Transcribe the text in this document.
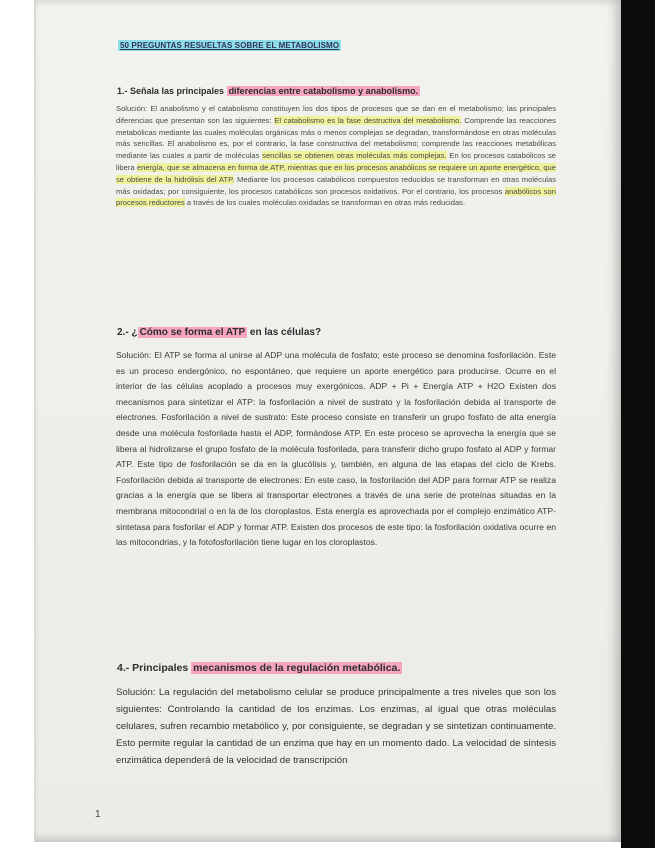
50 PREGUNTAS RESUELTAS SOBRE EL METABOLISMO
1.- Señala las principales diferencias entre catabolismo y anabolismo.
Solución: El anabolismo y el catabolismo constituyen los dos tipos de procesos que se dan en el metabolismo; las principales diferencias que presentan son las siguientes: El catabolismo es la fase destructiva del metabolismo. Comprende las reacciones metabólicas mediante las cuales moléculas orgánicas más o menos complejas se degradan, transformándose en otras moléculas más sencillas. El anabolismo es, por el contrario, la fase constructiva del metabolismo; comprende las reacciones metabólicas mediante las cuales a partir de moléculas sencillas se obtienen otras moléculas más complejas. En los procesos catabólicos se libera energía, que se almacena en forma de ATP, mientras que en los procesos anabólicos se requiere un aporte energético, que se obtiene de la hidrólisis del ATP. Mediante los procesos catabólicos compuestos reducidos se transforman en otras moléculas más oxidadas; por consiguiente, los procesos catabólicos son procesos oxidativos. Por el contrario, los procesos anabólicos son procesos reductores a través de los cuales moléculas oxidadas se transforman en otras más reducidas.
2.- ¿ Cómo se forma el ATP en las células?
Solución: El ATP se forma al unirse al ADP una molécula de fosfato; este proceso se denomina fosforilación. Este es un proceso endergónico, no espontáneo, que requiere un aporte energético para producirse. Ocurre en el interior de las células acoplado a procesos muy exergónicos. ADP + Pi + Energía ATP + H2O Existen dos mecanismos para sintetizar el ATP: la fosforilación a nivel de sustrato y la fosforilación debida al transporte de electrones. Fosforilación a nivel de sustrato: Este proceso consiste en transferir un grupo fosfato de alta energía desde una molécula fosforilada hasta el ADP, formándose ATP. En este proceso se aprovecha la energía que se libera al hidrolizarse el grupo fosfato de la molécula fosforilada, para transferir dicho grupo fosfato al ADP y formar ATP. Este tipo de fosforilación se da en la glucólisis y, también, en alguna de las etapas del ciclo de Krebs. Fosforilación debida al transporte de electrones: En este caso, la fosforilación del ADP para formar ATP se realiza gracias a la energía que se libera al transportar electrones a través de una serie de proteínas situadas en la membrana mitocondrial o en la de los cloroplastos. Esta energía es aprovechada por el complejo enzimático ATP-sintetasa para fosforilar el ADP y formar ATP. Existen dos procesos de este tipo: la fosforilación oxidativa ocurre en las mitocondrias, y la fotofosforilación tiene lugar en los cloroplastos.
4.- Principales mecanismos de la regulación metabólica.
Solución: La regulación del metabolismo celular se produce principalmente a tres niveles que son los siguientes: Controlando la cantidad de los enzimas. Los enzimas, al igual que otras moléculas celulares, sufren recambio metabólico y, por consiguiente, se degradan y se sintetizan continuamente. Esto permite regular la cantidad de un enzima que hay en un momento dado. La velocidad de síntesis enzimática dependerá de la velocidad de transcripción
1
